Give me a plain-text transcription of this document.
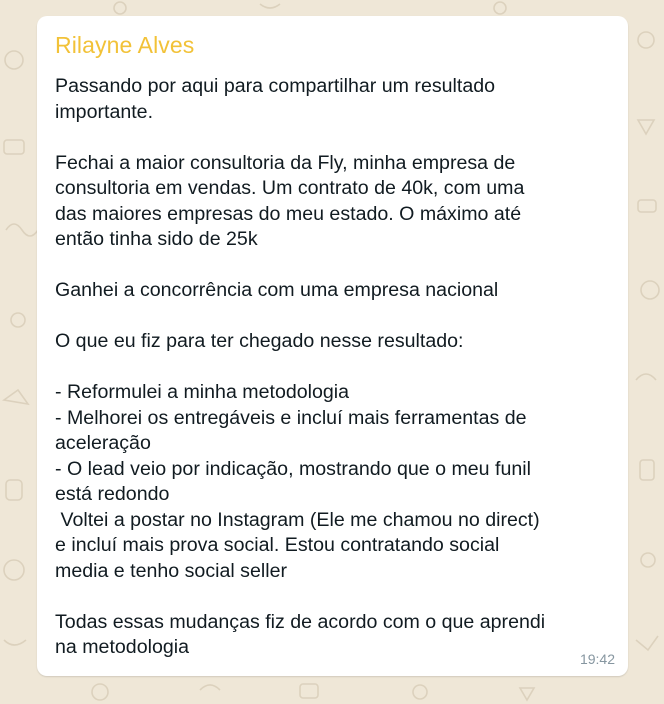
Rilayne Alves

Passando por aqui para compartilhar um resultado
importante.

Fechai a maior consultoria da Fly, minha empresa de
consultoria em vendas. Um contrato de 40k, com uma
das maiores empresas do meu estado. O máximo até
então tinha sido de 25k

Ganhei a concorrência com uma empresa nacional

O que eu fiz para ter chegado nesse resultado:

- Reformulei a minha metodologia
- Melhorei os entregáveis e incluí mais ferramentas de
aceleração
- O lead veio por indicação, mostrando que o meu funil
está redondo
Voltei a postar no Instagram (Ele me chamou no direct)
e incluí mais prova social. Estou contratando social
media e tenho social seller

Todas essas mudanças fiz de acordo com o que aprendi
na metodologia

19:42
